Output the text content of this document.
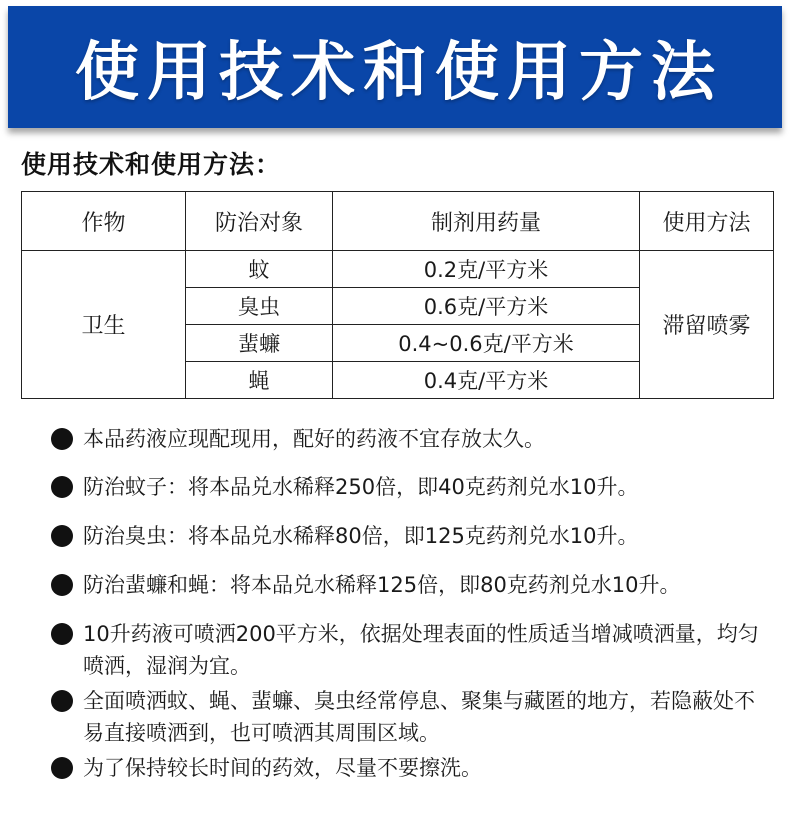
使用技术和使用方法
使用技术和使用方法：
作物	防治对象	制剂用药量	使用方法
卫生	蚊	0.2克/平方米	滞留喷雾
	臭虫	0.6克/平方米	
	蜚蠊	0.4~0.6克/平方米	
	蝇	0.4克/平方米	
本品药液应现配现用，配好的药液不宜存放太久。
防治蚊子：将本品兑水稀释250倍，即40克药剂兑水10升。
防治臭虫：将本品兑水稀释80倍，即125克药剂兑水10升。
防治蜚蠊和蝇：将本品兑水稀释125倍，即80克药剂兑水10升。
10升药液可喷洒200平方米，依据处理表面的性质适当增减喷洒量，均匀喷洒，湿润为宜。
全面喷洒蚊、蝇、蜚蠊、臭虫经常停息、聚集与藏匿的地方，若隐蔽处不易直接喷洒到，也可喷洒其周围区域。
为了保持较长时间的药效，尽量不要擦洗。
